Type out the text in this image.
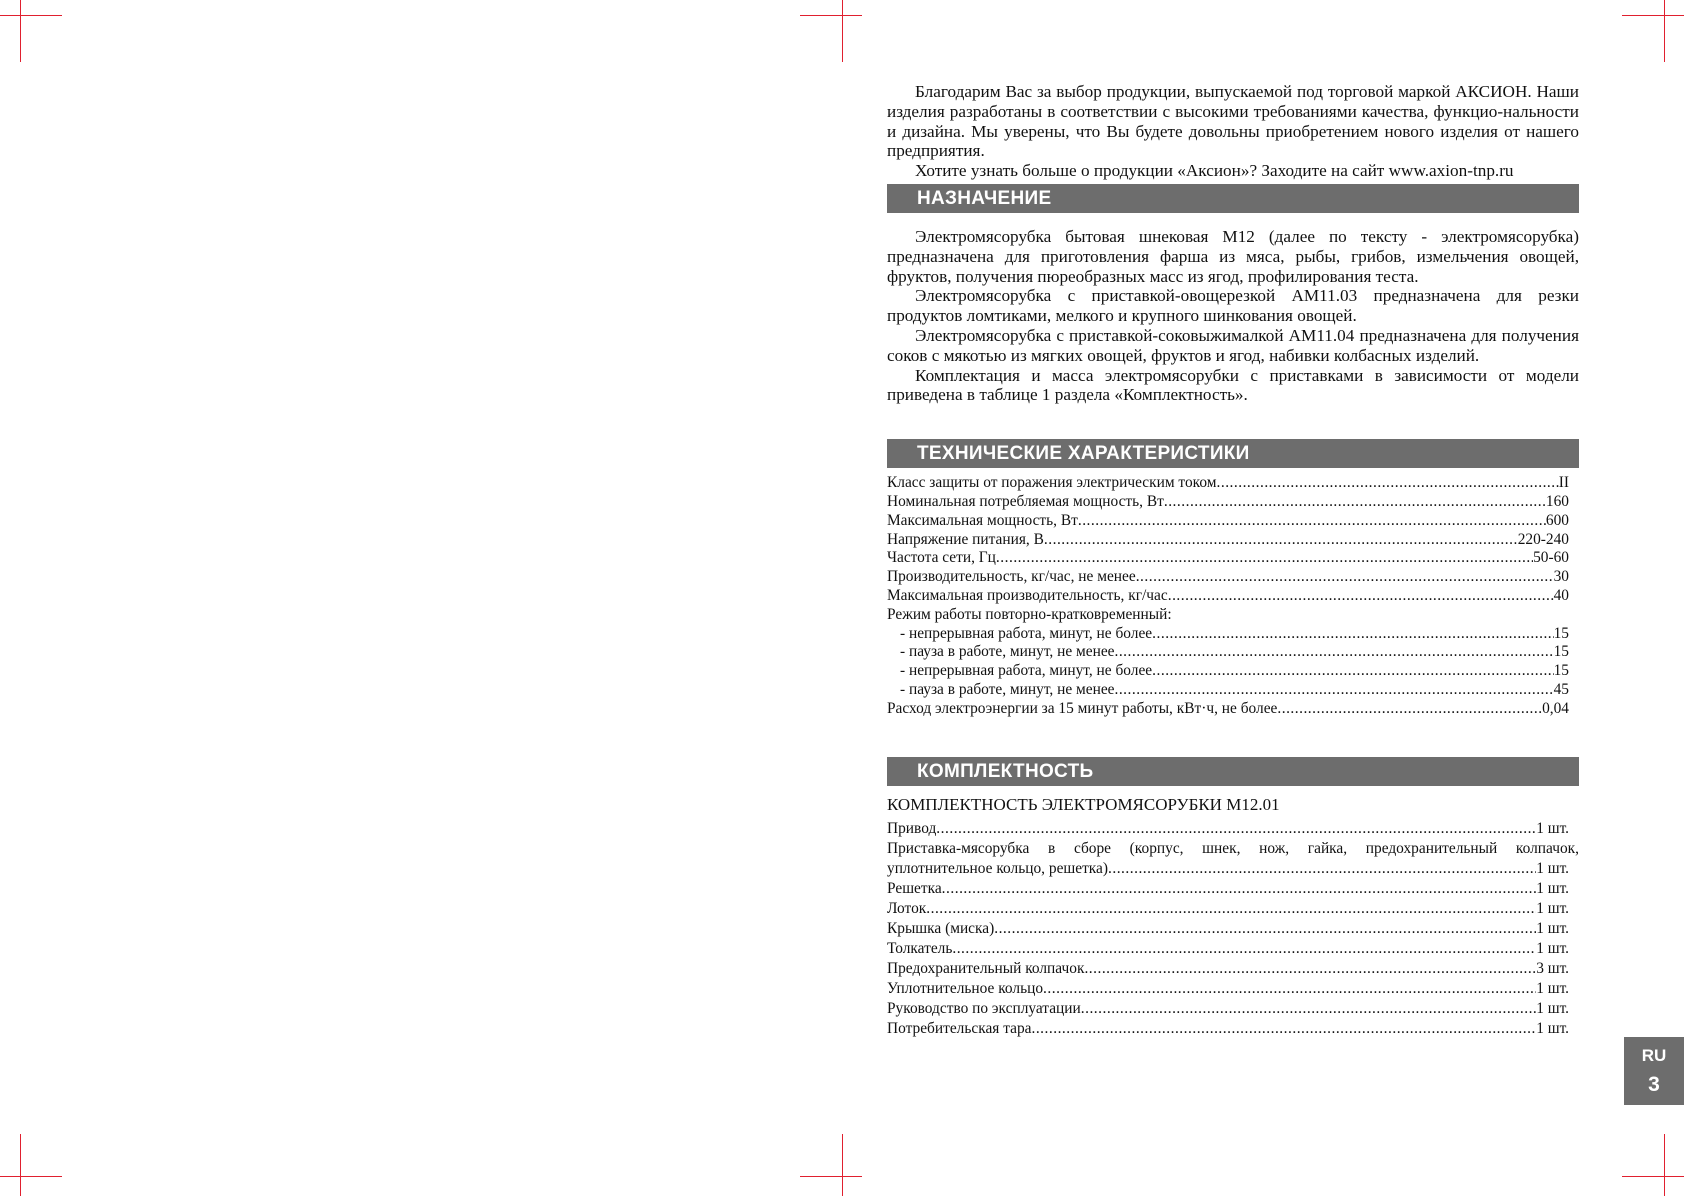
Благодарим Вас за выбор продукции, выпускаемой под торговой маркой АКСИОН. Наши изделия разработаны в соответствии с высокими требованиями качества, функцио-нальности и дизайна. Мы уверены, что Вы будете довольны приобретением нового изделия от нашего предприятия.

Хотите узнать больше о продукции «Аксион»? Заходите на сайт www.axion-tnp.ru

НАЗНАЧЕНИЕ

Электромясорубка бытовая шнековая М12 (далее по тексту - электромясорубка) предназначена для приготовления фарша из мяса, рыбы, грибов, измельчения овощей, фруктов, получения пюреобразных масс из ягод, профилирования теста.

Электромясорубка с приставкой-овощерезкой АМ11.03 предназначена для резки продуктов ломтиками, мелкого и крупного шинкования овощей.

Электромясорубка с приставкой-соковыжималкой АМ11.04 предназначена для получения соков с мякотью из мягких овощей, фруктов и ягод, набивки колбасных изделий.

Комплектация и масса электромясорубки с приставками в зависимости от модели приведена в таблице 1 раздела «Комплектность».

ТЕХНИЧЕСКИЕ ХАРАКТЕРИСТИКИ
Класс защиты от поражения электрическим током .....	II
Номинальная потребляемая мощность, Вт .....	160
Максимальная мощность, Вт .....	600
Напряжение питания, В .....	220-240
Частота сети, Гц .....	50-60
Производительность, кг/час, не менее .....	30
Максимальная производительность, кг/час .....	40
Режим работы повторно-кратковременный:
- непрерывная работа, минут, не более .....	15
- пауза в работе, минут, не менее .....	15
- непрерывная работа, минут, не более .....	15
- пауза в работе, минут, не менее .....	45
Расход электроэнергии за 15 минут работы, кВт·ч, не более .....	0,04
КОМПЛЕКТНОСТЬ

КОМПЛЕКТНОСТЬ ЭЛЕКТРОМЯСОРУБКИ М12.01

Привод .....	1 шт.
Приставка-мясорубка в сборе (корпус, шнек, нож, гайка, предохранительный колпачок,
уплотнительное кольцо, решетка) .....	1 шт.
Решетка .....	1 шт.
Лоток .....	1 шт.
Крышка (миска) .....	1 шт.
Толкатель .....	1 шт.
Предохранительный колпачок .....	3 шт.
Уплотнительное кольцо .....	1 шт.
Руководство по эксплуатации .....	1 шт.
Потребительская тара .....	1 шт.
RU
3
